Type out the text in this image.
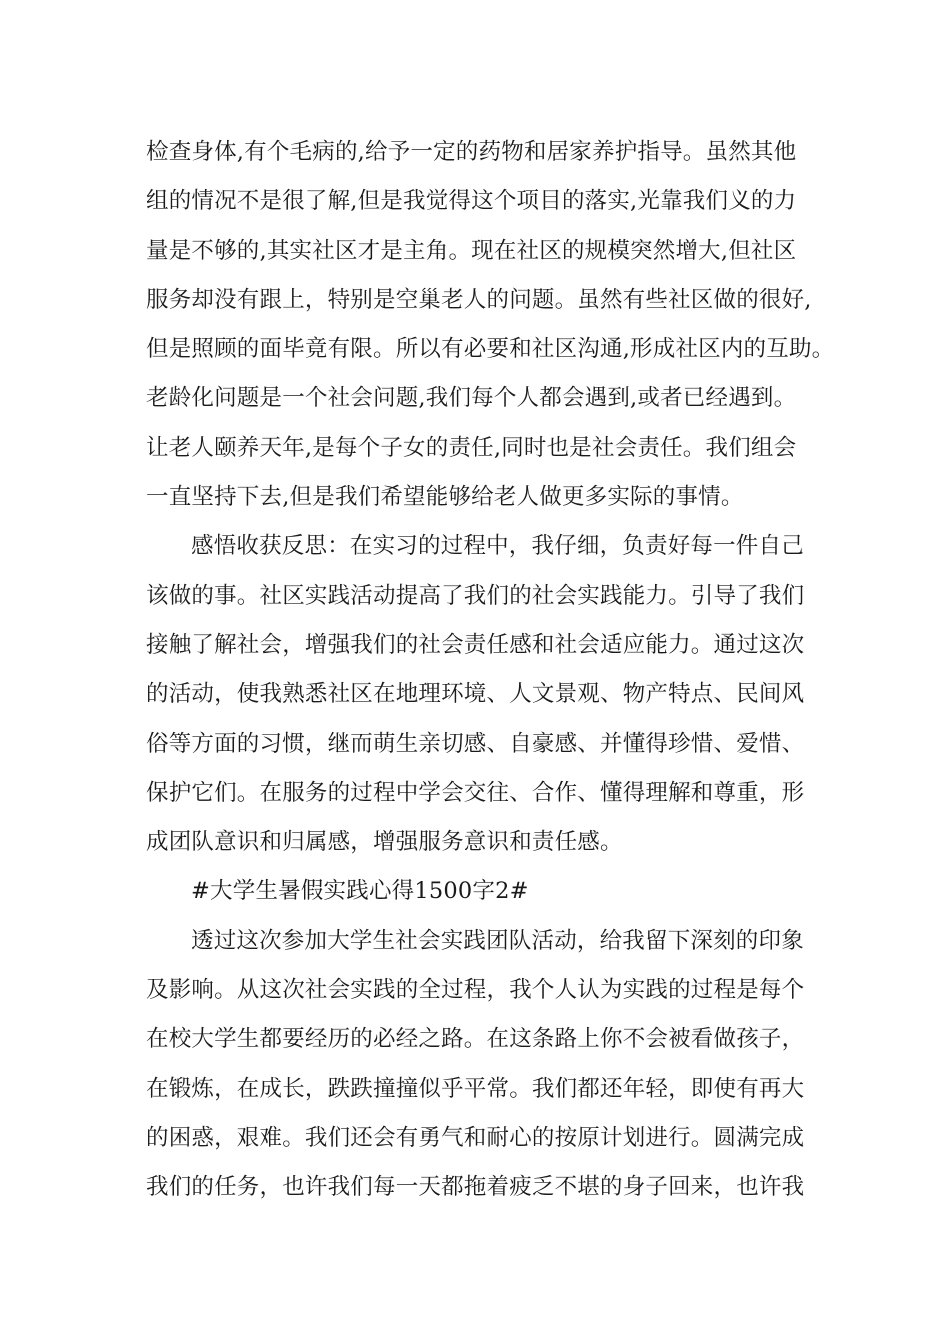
检查身体,有个毛病的,给予一定的药物和居家养护指导。虽然其他
组的情况不是很了解,但是我觉得这个项目的落实,光靠我们义的力
量是不够的,其实社区才是主角。现在社区的规模突然增大,但社区
服务却没有跟上，特别是空巢老人的问题。虽然有些社区做的很好,
但是照顾的面毕竟有限。所以有必要和社区沟通,形成社区内的互助。
老龄化问题是一个社会问题,我们每个人都会遇到,或者已经遇到。
让老人颐养天年,是每个子女的责任,同时也是社会责任。我们组会
一直坚持下去,但是我们希望能够给老人做更多实际的事情。
感悟收获反思：在实习的过程中，我仔细，负责好每一件自己
该做的事。社区实践活动提高了我们的社会实践能力。引导了我们
接触了解社会，增强我们的社会责任感和社会适应能力。通过这次
的活动，使我熟悉社区在地理环境、人文景观、物产特点、民间风
俗等方面的习惯，继而萌生亲切感、自豪感、并懂得珍惜、爱惜、
保护它们。在服务的过程中学会交往、合作、懂得理解和尊重，形
成团队意识和归属感，增强服务意识和责任感。
#大学生暑假实践心得1500字2#
透过这次参加大学生社会实践团队活动，给我留下深刻的印象
及影响。从这次社会实践的全过程，我个人认为实践的过程是每个
在校大学生都要经历的必经之路。在这条路上你不会被看做孩子，
在锻炼，在成长，跌跌撞撞似乎平常。我们都还年轻，即使有再大
的困惑，艰难。我们还会有勇气和耐心的按原计划进行。圆满完成
我们的任务，也许我们每一天都拖着疲乏不堪的身子回来，也许我
